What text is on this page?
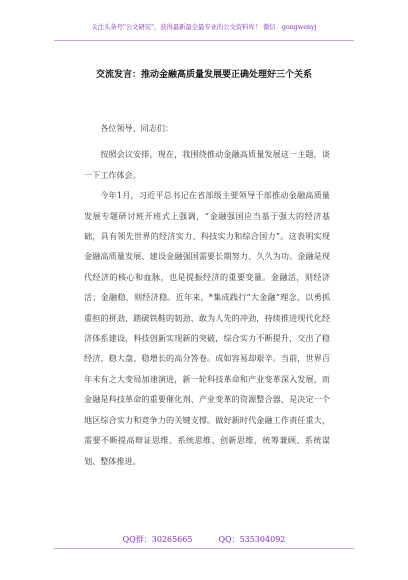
关注头条号"公文研究"，获得最新最全最专业的公文资料库！ 微信：gongwenyj
交流发言：推动金融高质量发展要正确处理好三个关系

各位领导、同志们：

按照会议安排，现在，我围绕推动金融高质量发展这一主题，谈一下工作体会。

今年1月，习近平总书记在省部级主要领导干部推动金融高质量发展专题研讨班开班式上强调，“金融强国应当基于强大的经济基础，具有领先世界的经济实力、科技实力和综合国力”。这表明实现金融高质量发展、建设金融强国需要长期努力、久久为功。金融是现代经济的核心和血脉，也是提振经济的重要变量。金融活，则经济活；金融稳，则经济稳。近年来，*集成践行“大金融”理念，以勇抓重担的拼劲、踏破铁鞋的韧劲、敢为人先的冲劲，持续推进现代化经济体系建设，科技创新实现新的突破，综合实力不断提升，交出了稳经济、稳大盘、稳增长的高分答卷。成如容易却艰辛。当前，世界百年未有之大变局加速演进，新一轮科技革命和产业变革深入发展，而金融是科技革命的重要催化剂、产业变革的资源整合器，是决定一个地区综合实力和竞争力的关键支撑。做好新时代金融工作责任重大，需要不断提高辩证思维、系统思维、创新思维，统筹兼顾、系统谋划、整体推进。

QQ群：30265665	QQ：535304092
